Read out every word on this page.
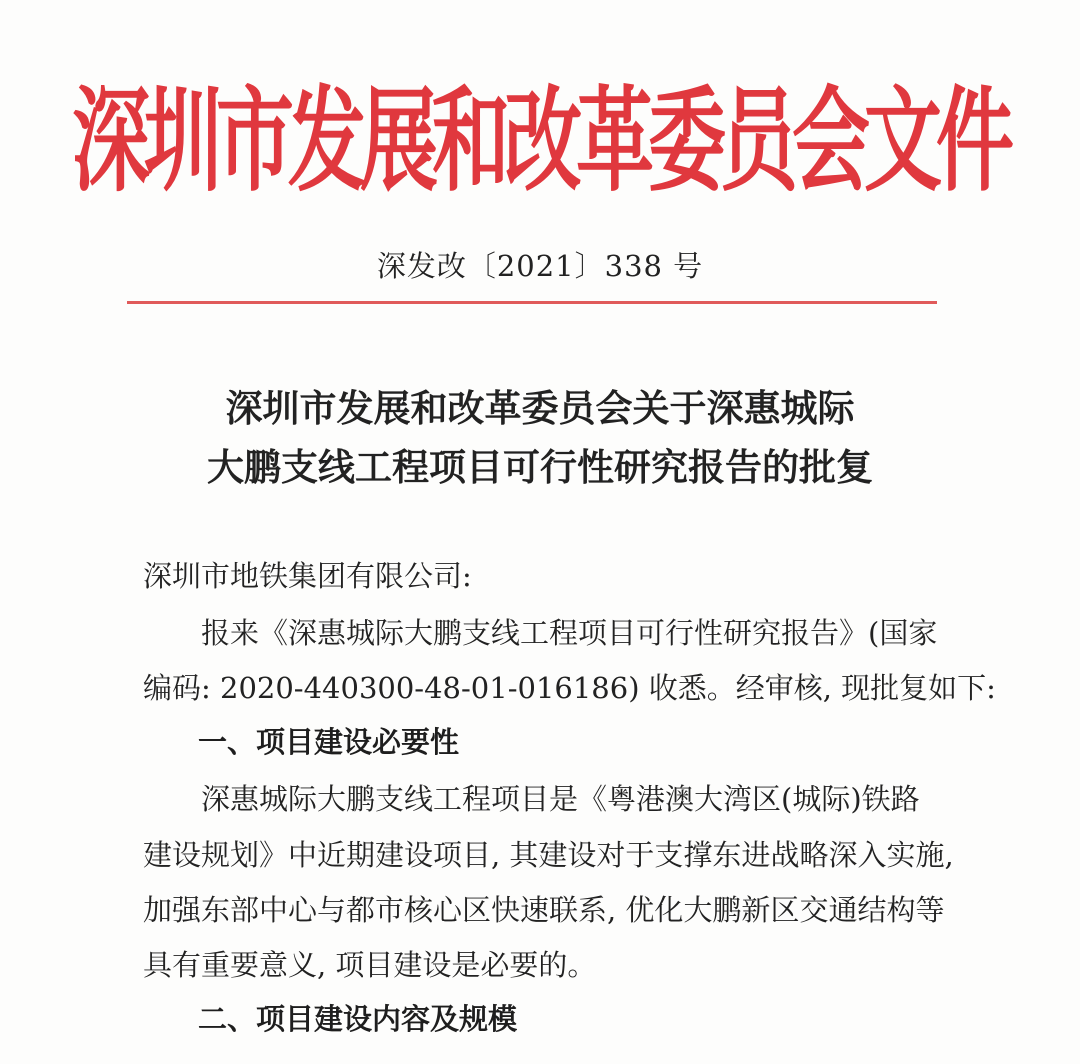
深圳市发展和改革委员会文件
深发改〔2021〕338 号
深圳市发展和改革委员会关于深惠城际
大鹏支线工程项目可行性研究报告的批复
深圳市地铁集团有限公司:
报来《深惠城际大鹏支线工程项目可行性研究报告》(国家
编码: 2020-440300-48-01-016186) 收悉。经审核, 现批复如下:
一、项目建设必要性
深惠城际大鹏支线工程项目是《粤港澳大湾区(城际)铁路
建设规划》中近期建设项目, 其建设对于支撑东进战略深入实施,
加强东部中心与都市核心区快速联系, 优化大鹏新区交通结构等
具有重要意义, 项目建设是必要的。
二、项目建设内容及规模
